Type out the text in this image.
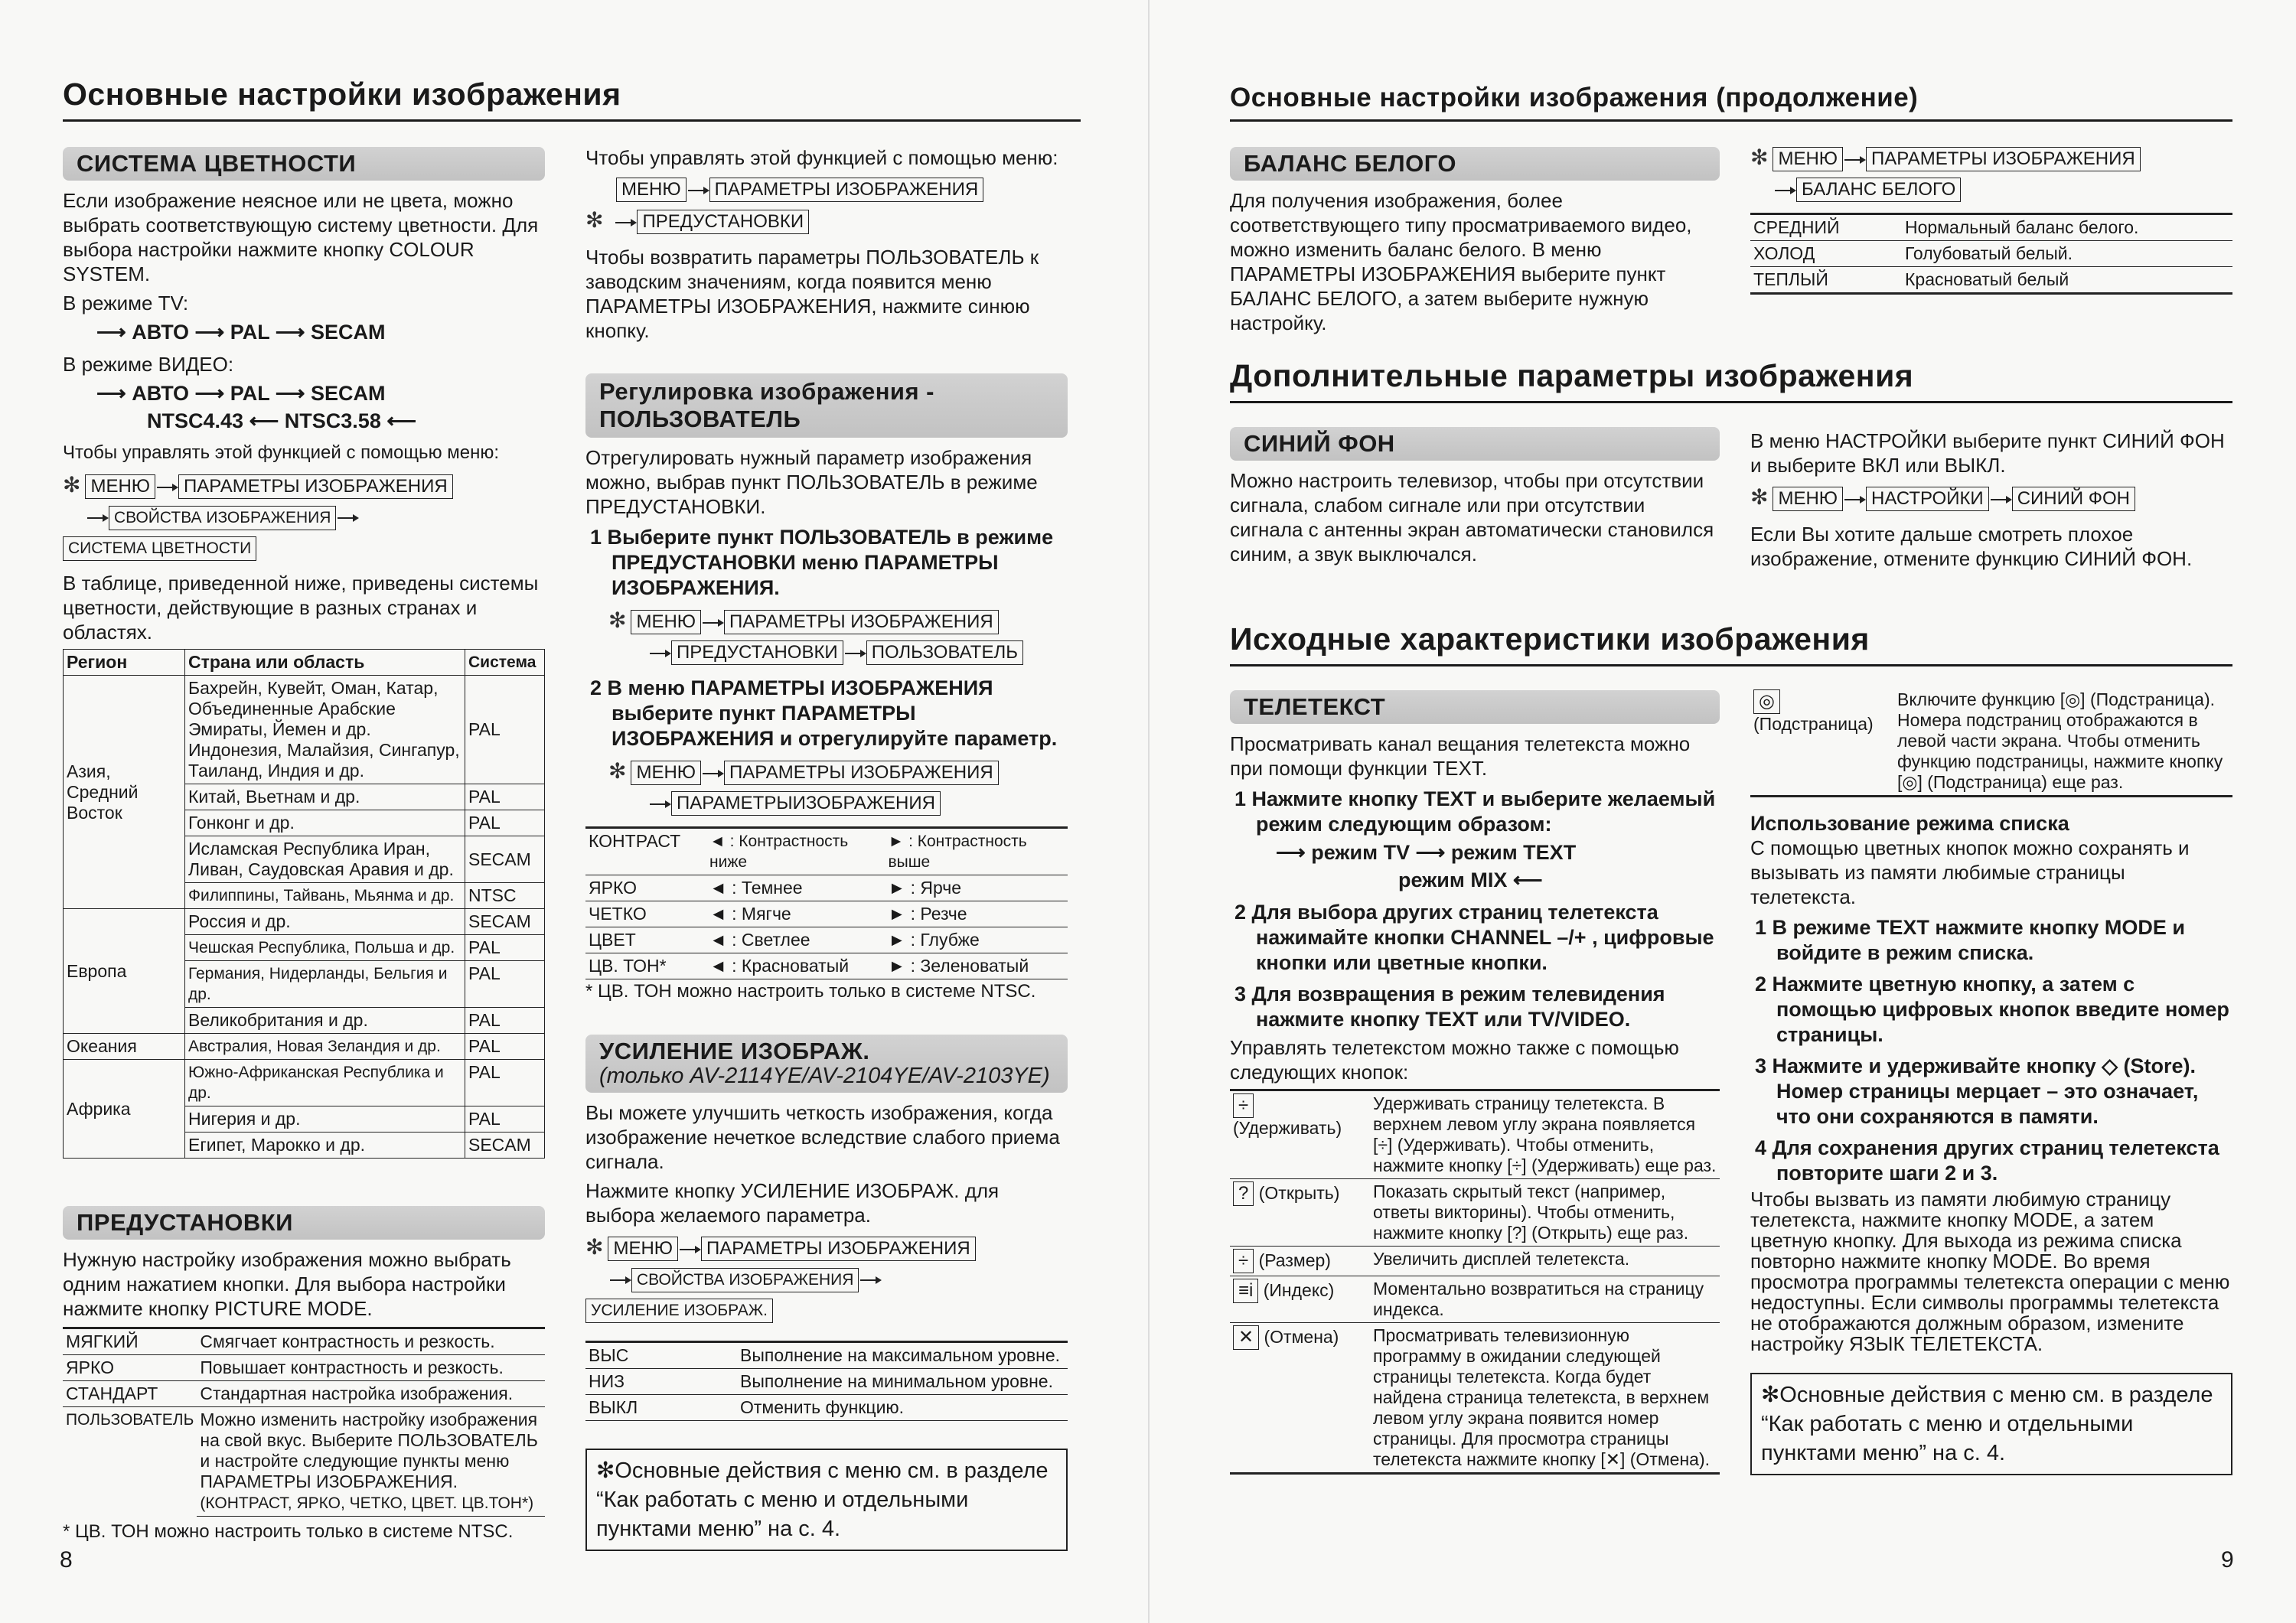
Основные настройки изображения
СИСТЕМА ЦВЕТНОСТИ

Если изображение неясное или не цвета, можно выбрать соответствующую систему цветности. Для выбора настройки нажмите кнопку COLOUR SYSTEM.

В режиме TV:

⟶ АВТО ⟶ PAL ⟶ SECAM

В режиме ВИДЕО:

⟶ АВТО ⟶ PAL ⟶ SECAM
NTSC4.43 ⟵ NTSC3.58 ⟵

Чтобы управлять этой функцией с помощью меню:

✻ МЕНЮ ПАРАМЕТРЫ ИЗОБРАЖЕНИЯ
СВОЙСТВА ИЗОБРАЖЕНИЯСИСТЕМА ЦВЕТНОСТИ

В таблице, приведенной ниже, приведены системы цветности, действующие в разных странах и областях.

Регион	Страна или область	Система
Азия, Средний Восток	Бахрейн, Кувейт, Оман, Катар, Объединенные Арабские Эмираты, Йемен и др. Индонезия, Малайзия, Сингапур, Таиланд, Индия и др.	PAL
	Китай, Вьетнам и др.	PAL
	Гонконг и др.	PAL
	Исламская Республика Иран, Ливан, Саудовская Аравия и др.	SECAM
	Филиппины, Тайвань, Мьянма и др.	NTSC
Европа	Россия и др.	SECAM
	Чешская Республика, Польша и др.	PAL
	Германия, Нидерланды, Бельгия и др.	PAL
	Великобритания и др.	PAL
Океания	Австралия, Новая Зеландия и др.	PAL
Африка	Южно-Африканская Республика и др.	PAL
	Нигерия и др.	PAL
	Египет, Марокко и др.	SECAM
ПРЕДУСТАНОВКИ

Нужную настройку изображения можно выбрать одним нажатием кнопки. Для выбора настройки нажмите кнопку PICTURE MODE.

МЯГКИЙ	Смягчает контрастность и резкость.
ЯРКО	Повышает контрастность и резкость.
СТАНДАРТ	Стандартная настройка изображения.
ПОЛЬЗОВАТЕЛЬ	Можно изменить настройку изображения на свой вкус. Выберите ПОЛЬЗОВАТЕЛЬ и настройте следующие пункты меню ПАРАМЕТРЫ ИЗОБРАЖЕНИЯ.
(КОНТРАСТ, ЯРКО, ЧЕТКО, ЦВЕТ. ЦВ.ТОН*)

* ЦВ. ТОН можно настроить только в системе NTSC.

Чтобы управлять этой функцией с помощью меню:

МЕНЮ ПАРАМЕТРЫ ИЗОБРАЖЕНИЯ
✻ ПРЕДУСТАНОВКИ

Чтобы возвратить параметры ПОЛЬЗОВАТЕЛЬ к заводским значениям, когда появится меню ПАРАМЕТРЫ ИЗОБРАЖЕНИЯ, нажмите синюю кнопку.

Регулировка изображения - ПОЛЬЗОВАТЕЛЬ

Отрегулировать нужный параметр изображения можно, выбрав пункт ПОЛЬЗОВАТЕЛЬ в режиме ПРЕДУСТАНОВКИ.

1 Выберите пункт ПОЛЬЗОВАТЕЛЬ в режиме ПРЕДУСТАНОВКИ меню ПАРАМЕТРЫ ИЗОБРАЖЕНИЯ.
✻ МЕНЮ ПАРАМЕТРЫ ИЗОБРАЖЕНИЯ
ПРЕДУСТАНОВКИ ПОЛЬЗОВАТЕЛЬ
2 В меню ПАРАМЕТРЫ ИЗОБРАЖЕНИЯ выберите пункт ПАРАМЕТРЫ ИЗОБРАЖЕНИЯ и отрегулируйте параметр.
✻ МЕНЮ ПАРАМЕТРЫ ИЗОБРАЖЕНИЯ
ПАРАМЕТРЫИЗОБРАЖЕНИЯ
КОНТРАСТ	◄ : Контрастность ниже	► : Контрастность выше
ЯРКО	◄ : Темнее	► : Ярче
ЧЕТКО	◄ : Мягче	► : Резче
ЦВЕТ	◄ : Светлее	► : Глубже
ЦВ. ТОН*	◄ : Красноватый	► : Зеленоватый

* ЦВ. ТОН можно настроить только в системе NTSC.

УСИЛЕНИЕ ИЗОБРАЖ.
(только AV-2114YE/AV-2104YE/AV-2103YE)

Вы можете улучшить четкость изображения, когда изображение нечеткое вследствие слабого приема сигнала.

Нажмите кнопку УСИЛЕНИЕ ИЗОБРАЖ. для выбора желаемого параметра.

✻ МЕНЮ ПАРАМЕТРЫ ИЗОБРАЖЕНИЯ
СВОЙСТВА ИЗОБРАЖЕНИЯУСИЛЕНИЕ ИЗОБРАЖ.
ВЫС	Выполнение на максимальном уровне.
НИЗ	Выполнение на минимальном уровне.
ВЫКЛ	Отменить функцию.
✻Основные действия с меню см. в разделе “Как работать с меню и отдельными пунктами меню” на с. 4.
8
Основные настройки изображения (продолжение)
БАЛАНС БЕЛОГО

Для получения изображения, более соответствующего типу просматриваемого видео, можно изменить баланс белого. В меню ПАРАМЕТРЫ ИЗОБРАЖЕНИЯ выберите пункт БАЛАНС БЕЛОГО, а затем выберите нужную настройку.

✻ МЕНЮ ПАРАМЕТРЫ ИЗОБРАЖЕНИЯ
БАЛАНС БЕЛОГО
СРЕДНИЙ	Нормальный баланс белого.
ХОЛОД	Голубоватый белый.
ТЕПЛЫЙ	Красноватый белый
Дополнительные параметры изображения
СИНИЙ ФОН

Можно настроить телевизор, чтобы при отсутствии сигнала, слабом сигнале или при отсутствии сигнала с антенны экран автоматически становился синим, а звук выключался.

В меню НАСТРОЙКИ выберите пункт СИНИЙ ФОН и выберите ВКЛ или ВЫКЛ.

✻ МЕНЮ НАСТРОЙКИ СИНИЙ ФОН

Если Вы хотите дальше смотреть плохое изображение, отмените функцию СИНИЙ ФОН.

Исходные характеристики изображения
ТЕЛЕТЕКСТ

Просматривать канал вещания телетекста можно при помощи функции TEXT.

1 Нажмите кнопку TEXT и выберите желаемый режим следующим образом:
⟶ режим TV ⟶ режим TEXT
режим MIX ⟵
2 Для выбора других страниц телетекста нажимайте кнопки CHANNEL –/+ , цифровые кнопки или цветные кнопки.
3 Для возвращения в режим телевидения нажмите кнопку TEXT или TV/VIDEO.

Управлять телетекстом можно также с помощью следующих кнопок:

÷
(Удерживать)	Удерживать страницу телетекста. В верхнем левом углу экрана появляется [÷] (Удерживать). Чтобы отменить, нажмите кнопку [÷] (Удерживать) еще раз.
? (Открыть)	Показать скрытый текст (например, ответы викторины). Чтобы отменить, нажмите кнопку [?] (Открыть) еще раз.
÷ (Размер)	Увеличить дисплей телетекста.
≡i (Индекс)	Моментально возвратиться на страницу индекса.
✕ (Отмена)	Просматривать телевизионную программу в ожидании следующей страницы телетекста. Когда будет найдена страница телетекста, в верхнем левом углу экрана появится номер страницы. Для просмотра страницы телетекста нажмите кнопку [✕] (Отмена).
◎
(Подстраница)	Включите функцию [◎] (Подстраница). Номера подстраниц отображаются в левой части экрана. Чтобы отменить функцию подстраницы, нажмите кнопку [◎] (Подстраница) еще раз.
Использование режима списка

С помощью цветных кнопок можно сохранять и вызывать из памяти любимые страницы телетекста.

1 В режиме TEXT нажмите кнопку MODE и войдите в режим списка.
2 Нажмите цветную кнопку, а затем с помощью цифровых кнопок введите номер страницы.
3 Нажмите и удерживайте кнопку ◇ (Store). Номер страницы мерцает – это означает, что они сохраняются в памяти.
4 Для сохранения других страниц телетекста повторите шаги 2 и 3.

Чтобы вызвать из памяти любимую страницу телетекста, нажмите кнопку MODE, а затем цветную кнопку. Для выхода из режима списка повторно нажмите кнопку MODE. Во время просмотра программы телетекста операции с меню недоступны. Если символы программы телетекста не отображаются должным образом, измените настройку ЯЗЫК ТЕЛЕТЕКСТА.

✻Основные действия с меню см. в разделе “Как работать с меню и отдельными пунктами меню” на с. 4.
9
